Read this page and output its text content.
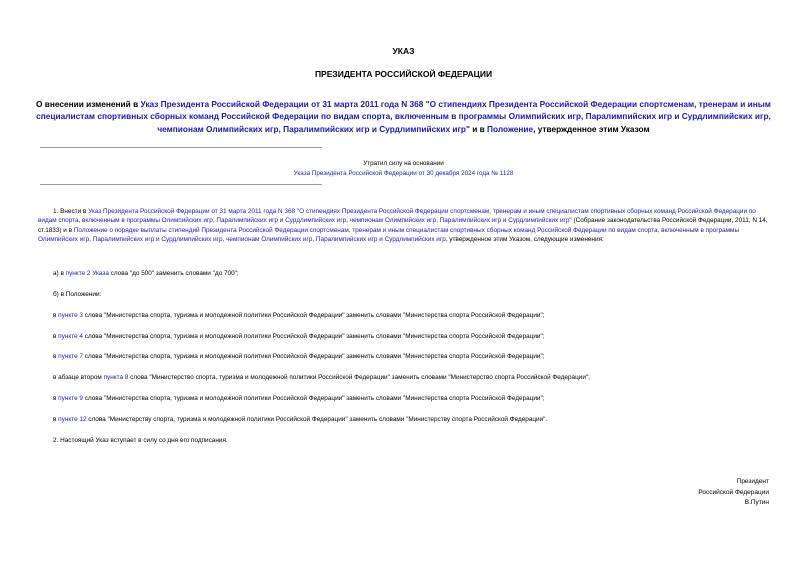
УКАЗ
ПРЕЗИДЕНТА РОССИЙСКОЙ ФЕДЕРАЦИИ
О внесении изменений в Указ Президента Российской Федерации от 31 марта 2011 года N 368 "О стипендиях Президента Российской Федерации спортсменам, тренерам и иным специалистам спортивных сборных команд Российской Федерации по видам спорта, включенным в программы Олимпийских игр, Паралимпийских игр и Сурдлимпийских игр, чемпионам Олимпийских игр, Паралимпийских игр и Сурдлимпийских игр" и в Положение, утвержденное этим Указом
Утратил силу на основании
Указа Президента Российской Федерации от 30 декабря 2024 года № 1128
1. Внести в Указ Президента Российской Федерации от 31 марта 2011 года N 368 "О стипендиях Президента Российской Федерации спортсменам, тренерам и иным специалистам спортивных сборных команд Российской Федерации по видам спорта, включенным в программы Олимпийских игр, Паралимпийских игр и Сурдлимпийских игр, чемпионам Олимпийских игр, Паралимпийских игр и Сурдлимпийских игр" (Собрание законодательства Российской Федерации, 2011, N 14, ст.1833) и в Положение о порядке выплаты стипендий Президента Российской Федерации спортсменам, тренерам и иным специалистам спортивных сборных команд Российской Федерации по видам спорта, включенным в программы Олимпийских игр, Паралимпийских игр и Сурдлимпийских игр, чемпионам Олимпийских игр, Паралимпийских игр и Сурдлимпийских игр, утвержденное этим Указом, следующие изменения:
а) в пункте 2 Указа слова "до 500" заменить словами "до 700";
б) в Положении:
в пункте 3 слова "Министерства спорта, туризма и молодежной политики Российской Федерации" заменить словами "Министерства спорта Российской Федерации";
в пункте 4 слова "Министерства спорта, туризма и молодежной политики Российской Федерации" заменить словами "Министерства спорта Российской Федерации";
в пункте 7 слова "Министерства спорта, туризма и молодежной политики Российской Федерации" заменить словами "Министерства спорта Российской Федерации";
в абзаце втором пункта 8 слова "Министерство спорта, туризма и молодежной политики Российской Федерации" заменить словами "Министерство спорта Российской Федерации";
в пункте 9 слова "Министерства спорта, туризма и молодежной политики Российской Федерации" заменить словами "Министерства спорта Российской Федерации";
в пункте 12 слова "Министерству спорта, туризма и молодежной политики Российской Федерации" заменить словами "Министерству спорта Российской Федерации".
2. Настоящий Указ вступает в силу со дня его подписания.
Президент
Российской Федерации
В.Путин
